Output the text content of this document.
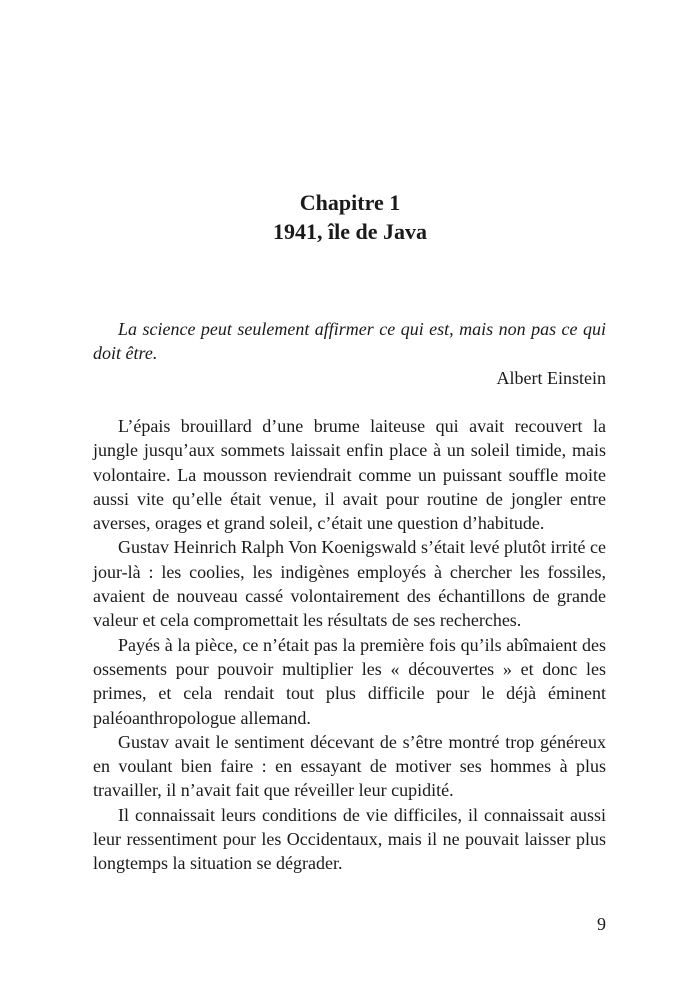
Chapitre 1
1941, île de Java

La science peut seulement affirmer ce qui est, mais non pas ce qui doit être.

Albert Einstein

L’épais brouillard d’une brume laiteuse qui avait recouvert la jungle jusqu’aux sommets laissait enfin place à un soleil timide, mais volontaire. La mousson reviendrait comme un puissant souffle moite aussi vite qu’elle était venue, il avait pour routine de jongler entre averses, orages et grand soleil, c’était une question d’habitude.

Gustav Heinrich Ralph Von Koenigswald s’était levé plutôt irrité ce jour-là : les coolies, les indigènes employés à chercher les fossiles, avaient de nouveau cassé volontairement des échantillons de grande valeur et cela compromettait les résultats de ses recherches.

Payés à la pièce, ce n’était pas la première fois qu’ils abîmaient des ossements pour pouvoir multiplier les « découvertes » et donc les primes, et cela rendait tout plus difficile pour le déjà éminent paléoanthropologue allemand.

Gustav avait le sentiment décevant de s’être montré trop généreux en voulant bien faire : en essayant de motiver ses hommes à plus travailler, il n’avait fait que réveiller leur cupidité.

Il connaissait leurs conditions de vie difficiles, il connaissait aussi leur ressentiment pour les Occidentaux, mais il ne pouvait laisser plus longtemps la situation se dégrader.

9
